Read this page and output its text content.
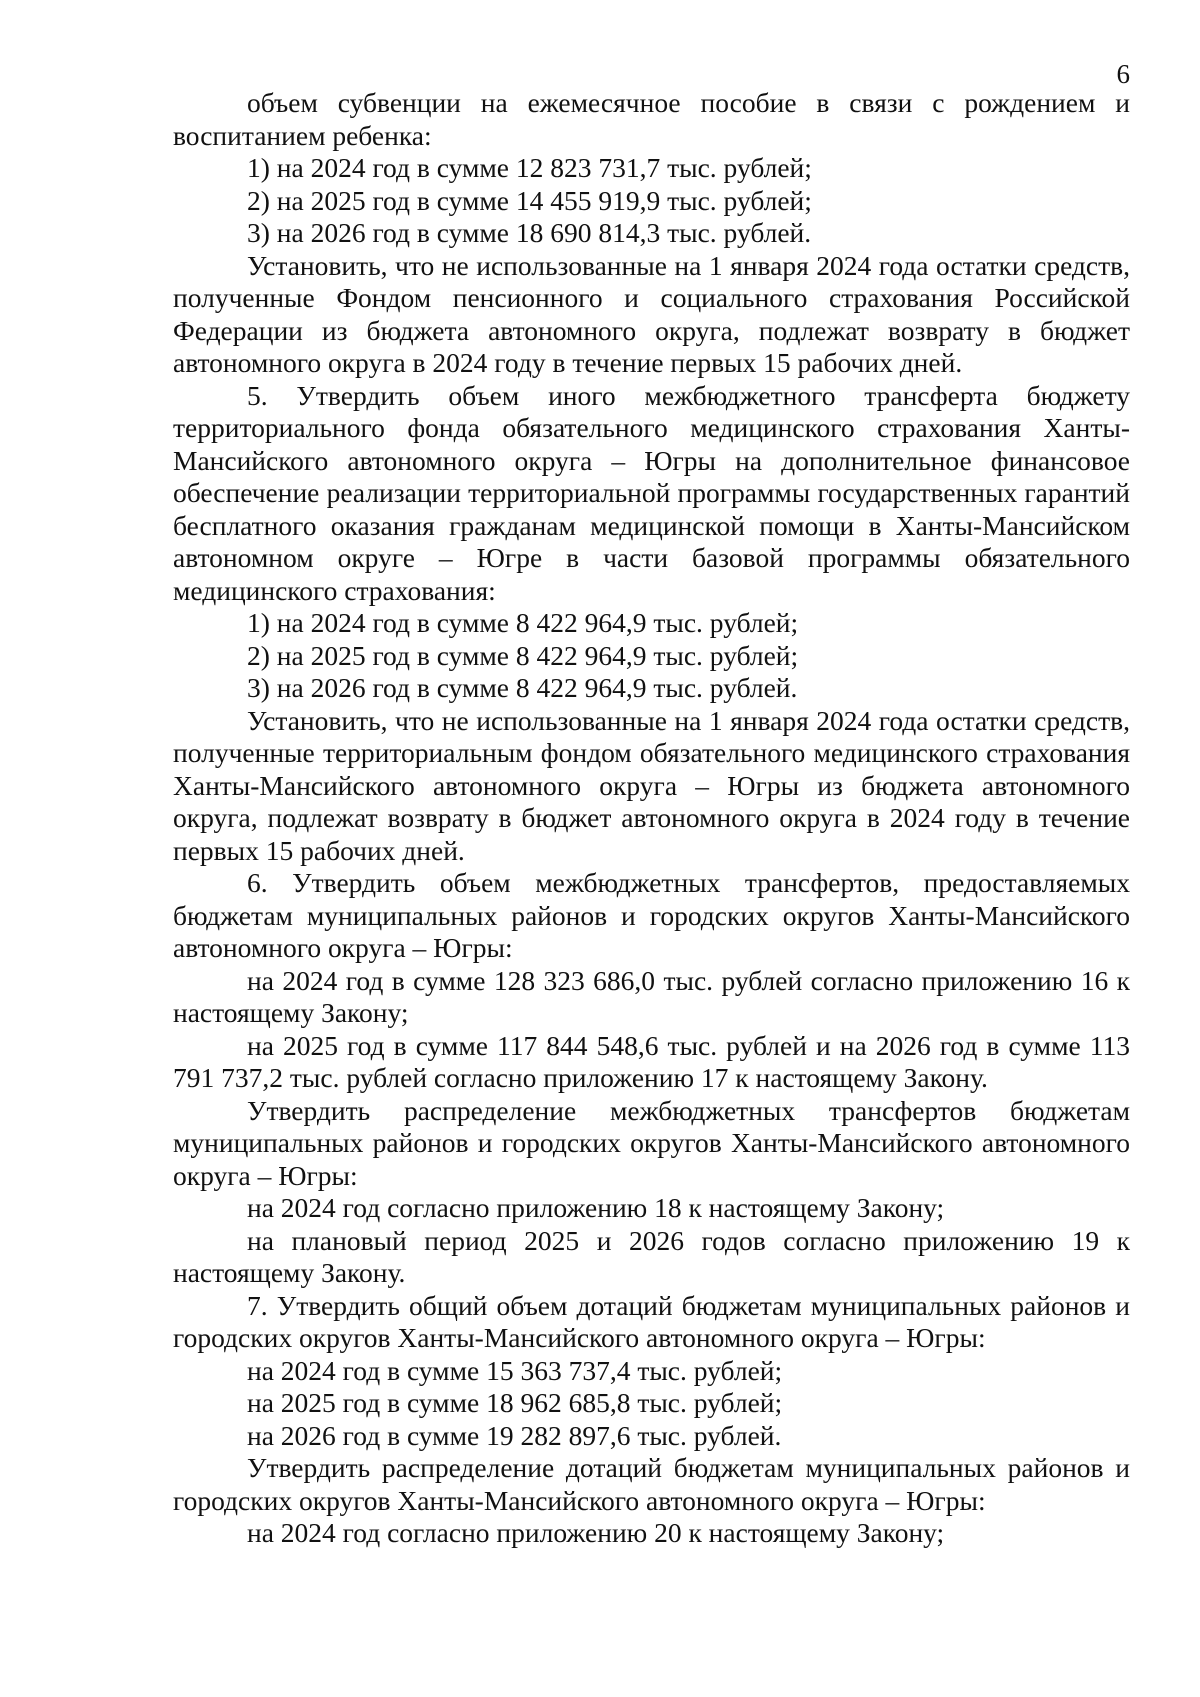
6

объем субвенции на ежемесячное пособие в связи с рождением и воспитанием ребенка:

1) на 2024 год в сумме 12 823 731,7 тыс. рублей;

2) на 2025 год в сумме 14 455 919,9 тыс. рублей;

3) на 2026 год в сумме 18 690 814,3 тыс. рублей.

Установить, что не использованные на 1 января 2024 года остатки средств, полученные Фондом пенсионного и социального страхования Российской Федерации из бюджета автономного округа, подлежат возврату в бюджет автономного округа в 2024 году в течение первых 15 рабочих дней.

5. Утвердить объем иного межбюджетного трансферта бюджету территориального фонда обязательного медицинского страхования Ханты-Мансийского автономного округа – Югры на дополнительное финансовое обеспечение реализации территориальной программы государственных гарантий бесплатного оказания гражданам медицинской помощи в Ханты-Мансийском автономном округе – Югре в части базовой программы обязательного медицинского страхования:

1) на 2024 год в сумме 8 422 964,9 тыс. рублей;

2) на 2025 год в сумме 8 422 964,9 тыс. рублей;

3) на 2026 год в сумме 8 422 964,9 тыс. рублей.

Установить, что не использованные на 1 января 2024 года остатки средств, полученные территориальным фондом обязательного медицинского страхования Ханты-Мансийского автономного округа – Югры из бюджета автономного округа, подлежат возврату в бюджет автономного округа в 2024 году в течение первых 15 рабочих дней.

6. Утвердить объем межбюджетных трансфертов, предоставляемых бюджетам муниципальных районов и городских округов Ханты-Мансийского автономного округа – Югры:

на 2024 год в сумме 128 323 686,0 тыс. рублей согласно приложению 16 к настоящему Закону;

на 2025 год в сумме 117 844 548,6 тыс. рублей и на 2026 год в сумме 113 791 737,2 тыс. рублей согласно приложению 17 к настоящему Закону.

Утвердить распределение межбюджетных трансфертов бюджетам муниципальных районов и городских округов Ханты-Мансийского автономного округа – Югры:

на 2024 год согласно приложению 18 к настоящему Закону;

на плановый период 2025 и 2026 годов согласно приложению 19 к настоящему Закону.

7. Утвердить общий объем дотаций бюджетам муниципальных районов и городских округов Ханты-Мансийского автономного округа – Югры:

на 2024 год в сумме 15 363 737,4 тыс. рублей;

на 2025 год в сумме 18 962 685,8 тыс. рублей;

на 2026 год в сумме 19 282 897,6 тыс. рублей.

Утвердить распределение дотаций бюджетам муниципальных районов и городских округов Ханты-Мансийского автономного округа – Югры:

на 2024 год согласно приложению 20 к настоящему Закону;
